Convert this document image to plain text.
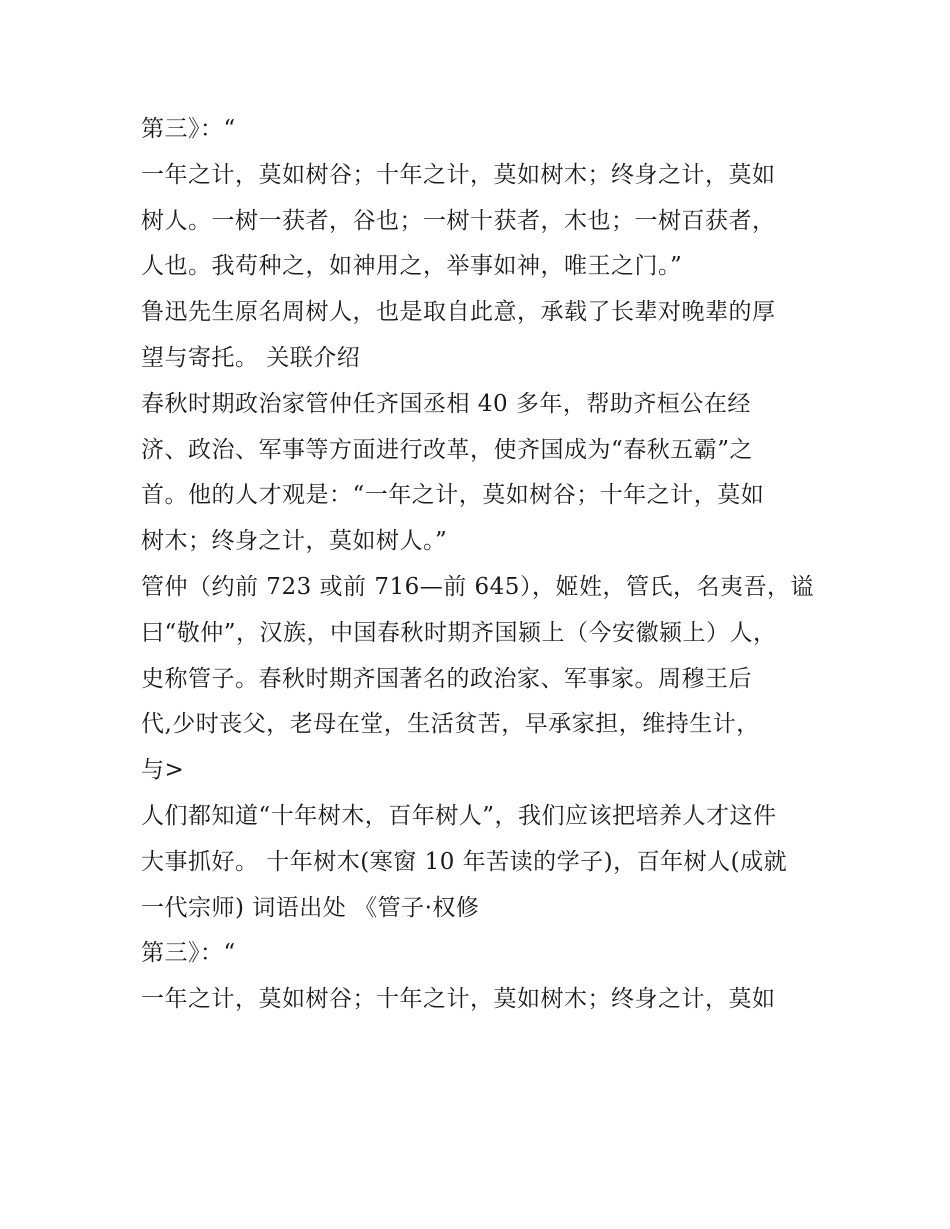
第三》：“
一年之计，莫如树谷；十年之计，莫如树木；终身之计，莫如
树人。一树一获者，谷也；一树十获者，木也；一树百获者，
人也。我苟种之，如神用之，举事如神，唯王之门。”
鲁迅先生原名周树人，也是取自此意，承载了长辈对晚辈的厚
望与寄托。 关联介绍
春秋时期政治家管仲任齐国丞相 40 多年，帮助齐桓公在经
济、政治、军事等方面进行改革，使齐国成为“春秋五霸”之
首。他的人才观是：“一年之计，莫如树谷；十年之计，莫如
树木；终身之计，莫如树人。”
管仲（约前 723 或前 716—前 645），姬姓，管氏，名夷吾，谥
曰“敬仲”，汉族，中国春秋时期齐国颍上（今安徽颍上）人，
史称管子。春秋时期齐国著名的政治家、军事家。周穆王后
代,少时丧父，老母在堂，生活贫苦，早承家担，维持生计，
与>
人们都知道“十年树木，百年树人”，我们应该把培养人才这件
大事抓好。 十年树木(寒窗 10 年苦读的学子)，百年树人(成就
一代宗师) 词语出处 《管子·权修
第三》：“
一年之计，莫如树谷；十年之计，莫如树木；终身之计，莫如
